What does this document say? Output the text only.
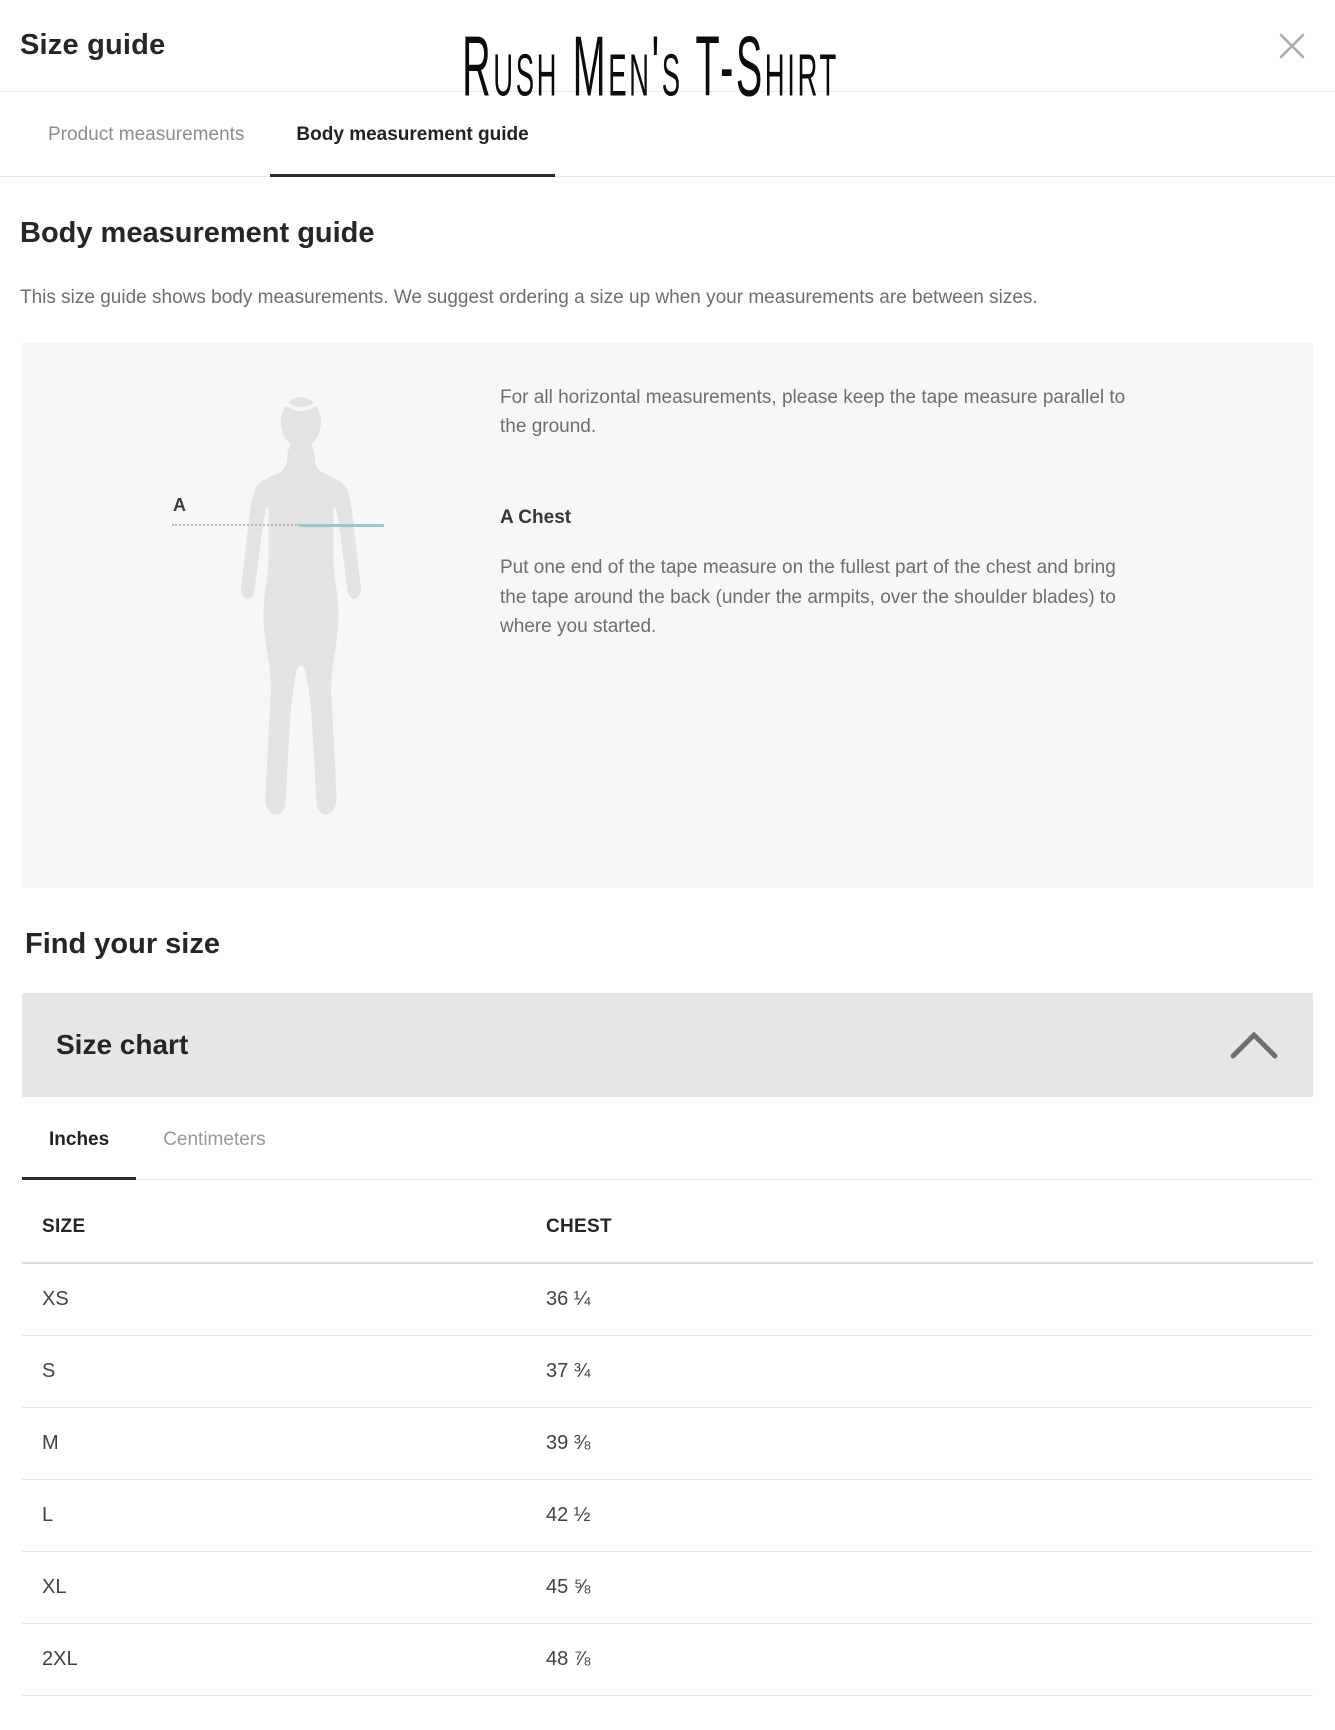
Size guide	Rush Men's T-Shirt
Product measurements	Body measurement guide
Body measurement guide

This size guide shows body measurements. We suggest ordering a size up when your measurements are between sizes.

A

For all horizontal measurements, please keep the tape measure parallel to the ground.

A Chest

Put one end of the tape measure on the fullest part of the chest and bring the tape around the back (under the armpits, over the shoulder blades) to where you started.

Find your size
Size chart
Inches	Centimeters
SIZE	CHEST
XS	36 ¼
S	37 ¾
M	39 ⅜
L	42 ½
XL	45 ⅝
2XL	48 ⅞
